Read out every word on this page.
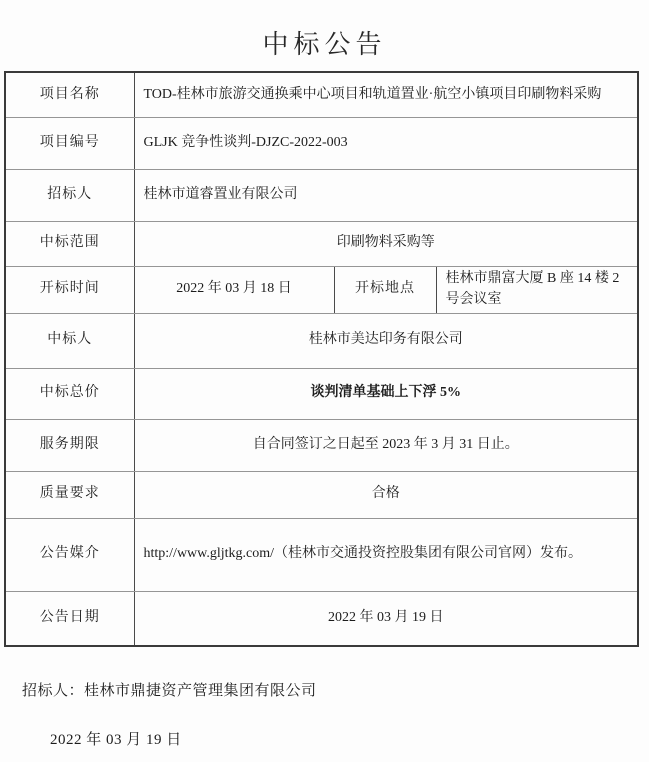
中标公告
项目名称	TOD-桂林市旅游交通换乘中心项目和轨道置业·航空小镇项目印刷物料采购		
项目编号	GLJK 竞争性谈判-DJZC-2022-003		
招标人	桂林市道睿置业有限公司		
中标范围	印刷物料采购等		
开标时间	2022 年 03 月 18 日	开标地点	桂林市鼎富大厦 B 座 14 楼 2 号会议室
中标人	桂林市美达印务有限公司		
中标总价	谈判清单基础上下浮 5%		
服务期限	自合同签订之日起至 2023 年 3 月 31 日止。		
质量要求	合格		
公告媒介	http://www.gljtkg.com/（桂林市交通投资控股集团有限公司官网）发布。		
公告日期	2022 年 03 月 19 日		
招标人：桂林市鼎捷资产管理集团有限公司
2022 年 03 月 19 日
